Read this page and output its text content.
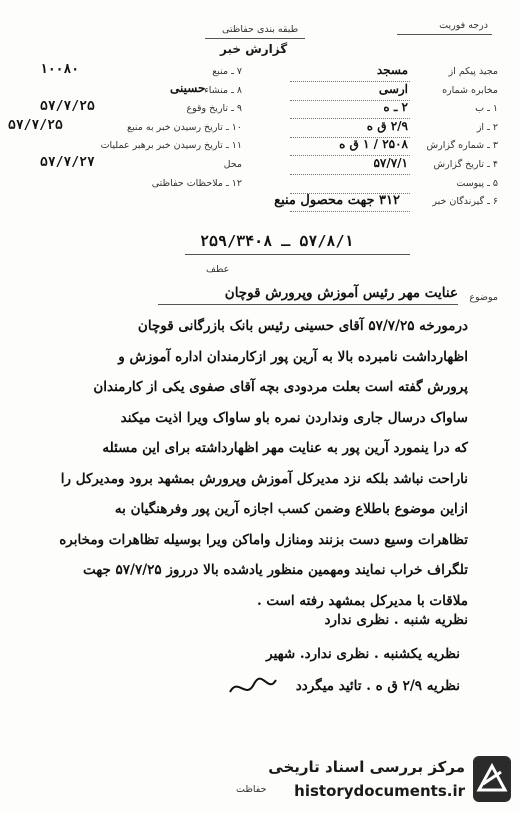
درجه فوریت
طبقه بندی حفاظتی
گزارش خبر
مجید پیکم از
مسجد
مخابره شماره
ارسی
۱ ـ ب
۲ ـ ه
۲ ـ از
۲/۹ ق ه
۳ ـ شماره گزارش
۲۵۰۸ / ۱ ق ه
۴ ـ تاریخ گزارش
۵۷/۷/۱
۵ ـ پیوست
۶ ـ گیرندگان خبر
۳۱۲ جهت محصول منبع
۷ ـ منبع
۱۰۰۸۰
۸ ـ منشاء
حسینی
۹ ـ تاریخ وقوع
۵۷/۷/۲۵
۱۰ ـ تاریخ رسیدن خبر به منبع
۵۷/۷/۲۵
۱۱ ـ تاریخ رسیدن خبر برهبر عملیات
محل
۵۷/۷/۲۷
۱۲ ـ ملاحظات حفاظتی
۵۷/۸/۱ ـ ۲۵۹/۳۴۰۸
عطف
موضوع
عنایت مهر رئیس آموزش وپرورش قوچان
درمورخه ۵۷/۷/۲۵ آقای حسینی رئیس بانک بازرگانی قوچان
اظهارداشت نامبرده بالا به آرین پور ازکارمندان اداره آموزش و
پرورش گفته است بعلت مردودی بچه آقای صفوی یکی از کارمندان
ساواک درسال جاری ونداردن نمره باو ساواک ویرا اذیت میکند
که درا ینمورد آرین پور به عنایت مهر اظهارداشته برای این مسئله
ناراحت نباشد بلکه نزد مدیرکل آموزش وپرورش بمشهد برود ومدیرکل را
ازاین موضوع باطلاع وضمن کسب اجازه آرین پور وفرهنگیان به
تظاهرات وسیع دست بزنند ومنازل واماکن ویرا بوسیله تظاهرات ومخابره
تلگراف خراب نمایند ومهمین منظور یادشده بالا درروز ۵۷/۷/۲۵ جهت
ملاقات با مدیرکل بمشهد رفته است .
نظریه شنبه . نظری ندارد
نظریه یکشنبه . نظری ندارد. شهیر
نظریه ۲/۹ ق ه . تائید میگردد
حفاظت
مرکز بررسی اسناد تاریخی
historydocuments.ir
